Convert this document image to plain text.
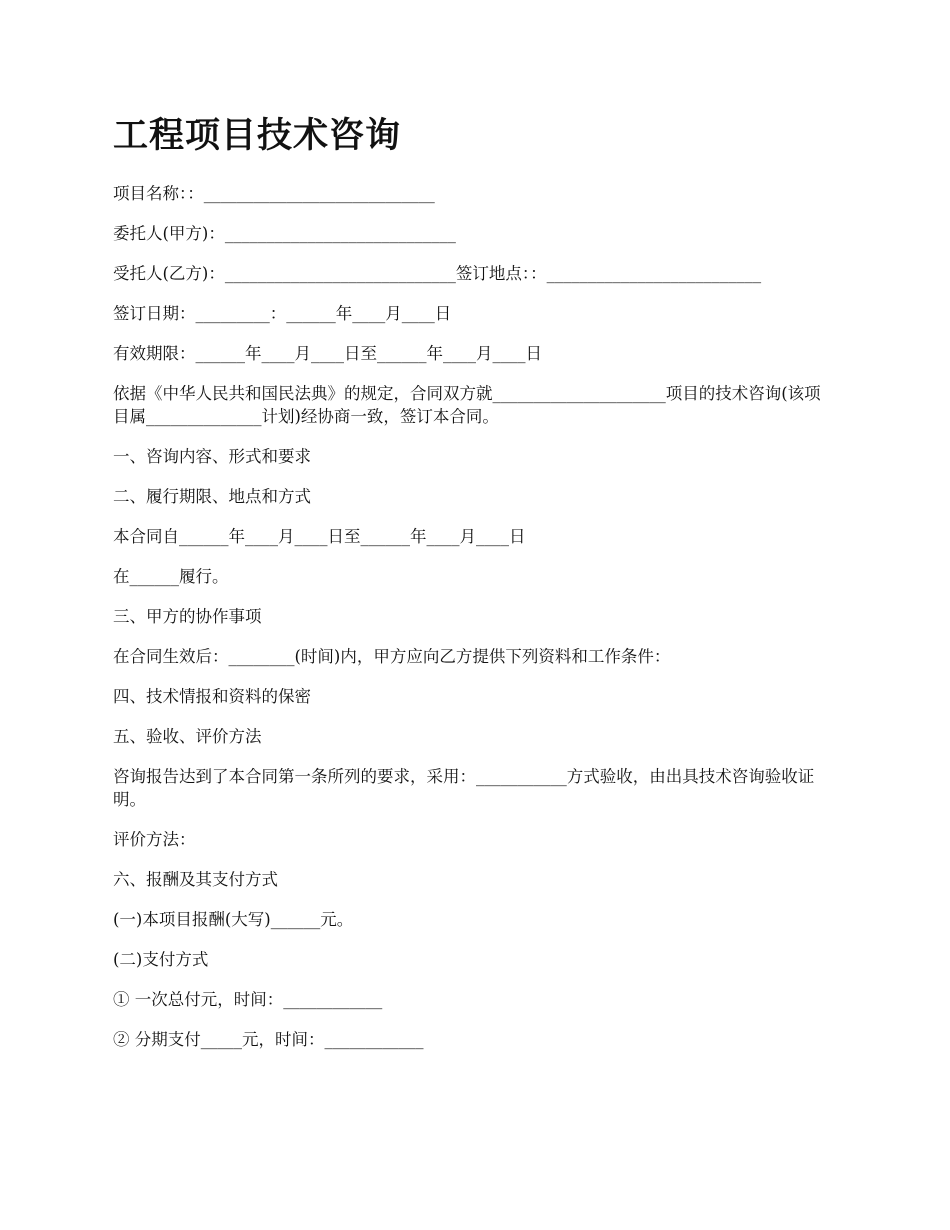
工程项目技术咨询

项目名称：：____________________________

委托人(甲方)：____________________________

受托人(乙方)：____________________________签订地点：：__________________________

签订日期：_________：______年____月____日

有效期限：______年____月____日至______年____月____日

依据《中华人民共和国民法典》的规定，合同双方就_____________________项目的技术咨询(该项目属______________计划)经协商一致，签订本合同。

一、咨询内容、形式和要求

二、履行期限、地点和方式

本合同自______年____月____日至______年____月____日

在______履行。

三、甲方的协作事项

在合同生效后：________(时间)内，甲方应向乙方提供下列资料和工作条件：

四、技术情报和资料的保密

五、验收、评价方法

咨询报告达到了本合同第一条所列的要求，采用：___________方式验收，由出具技术咨询验收证明。

评价方法：

六、报酬及其支付方式

(一)本项目报酬(大写)______元。

(二)支付方式

① 一次总付元，时间：____________

② 分期支付_____元，时间：____________
